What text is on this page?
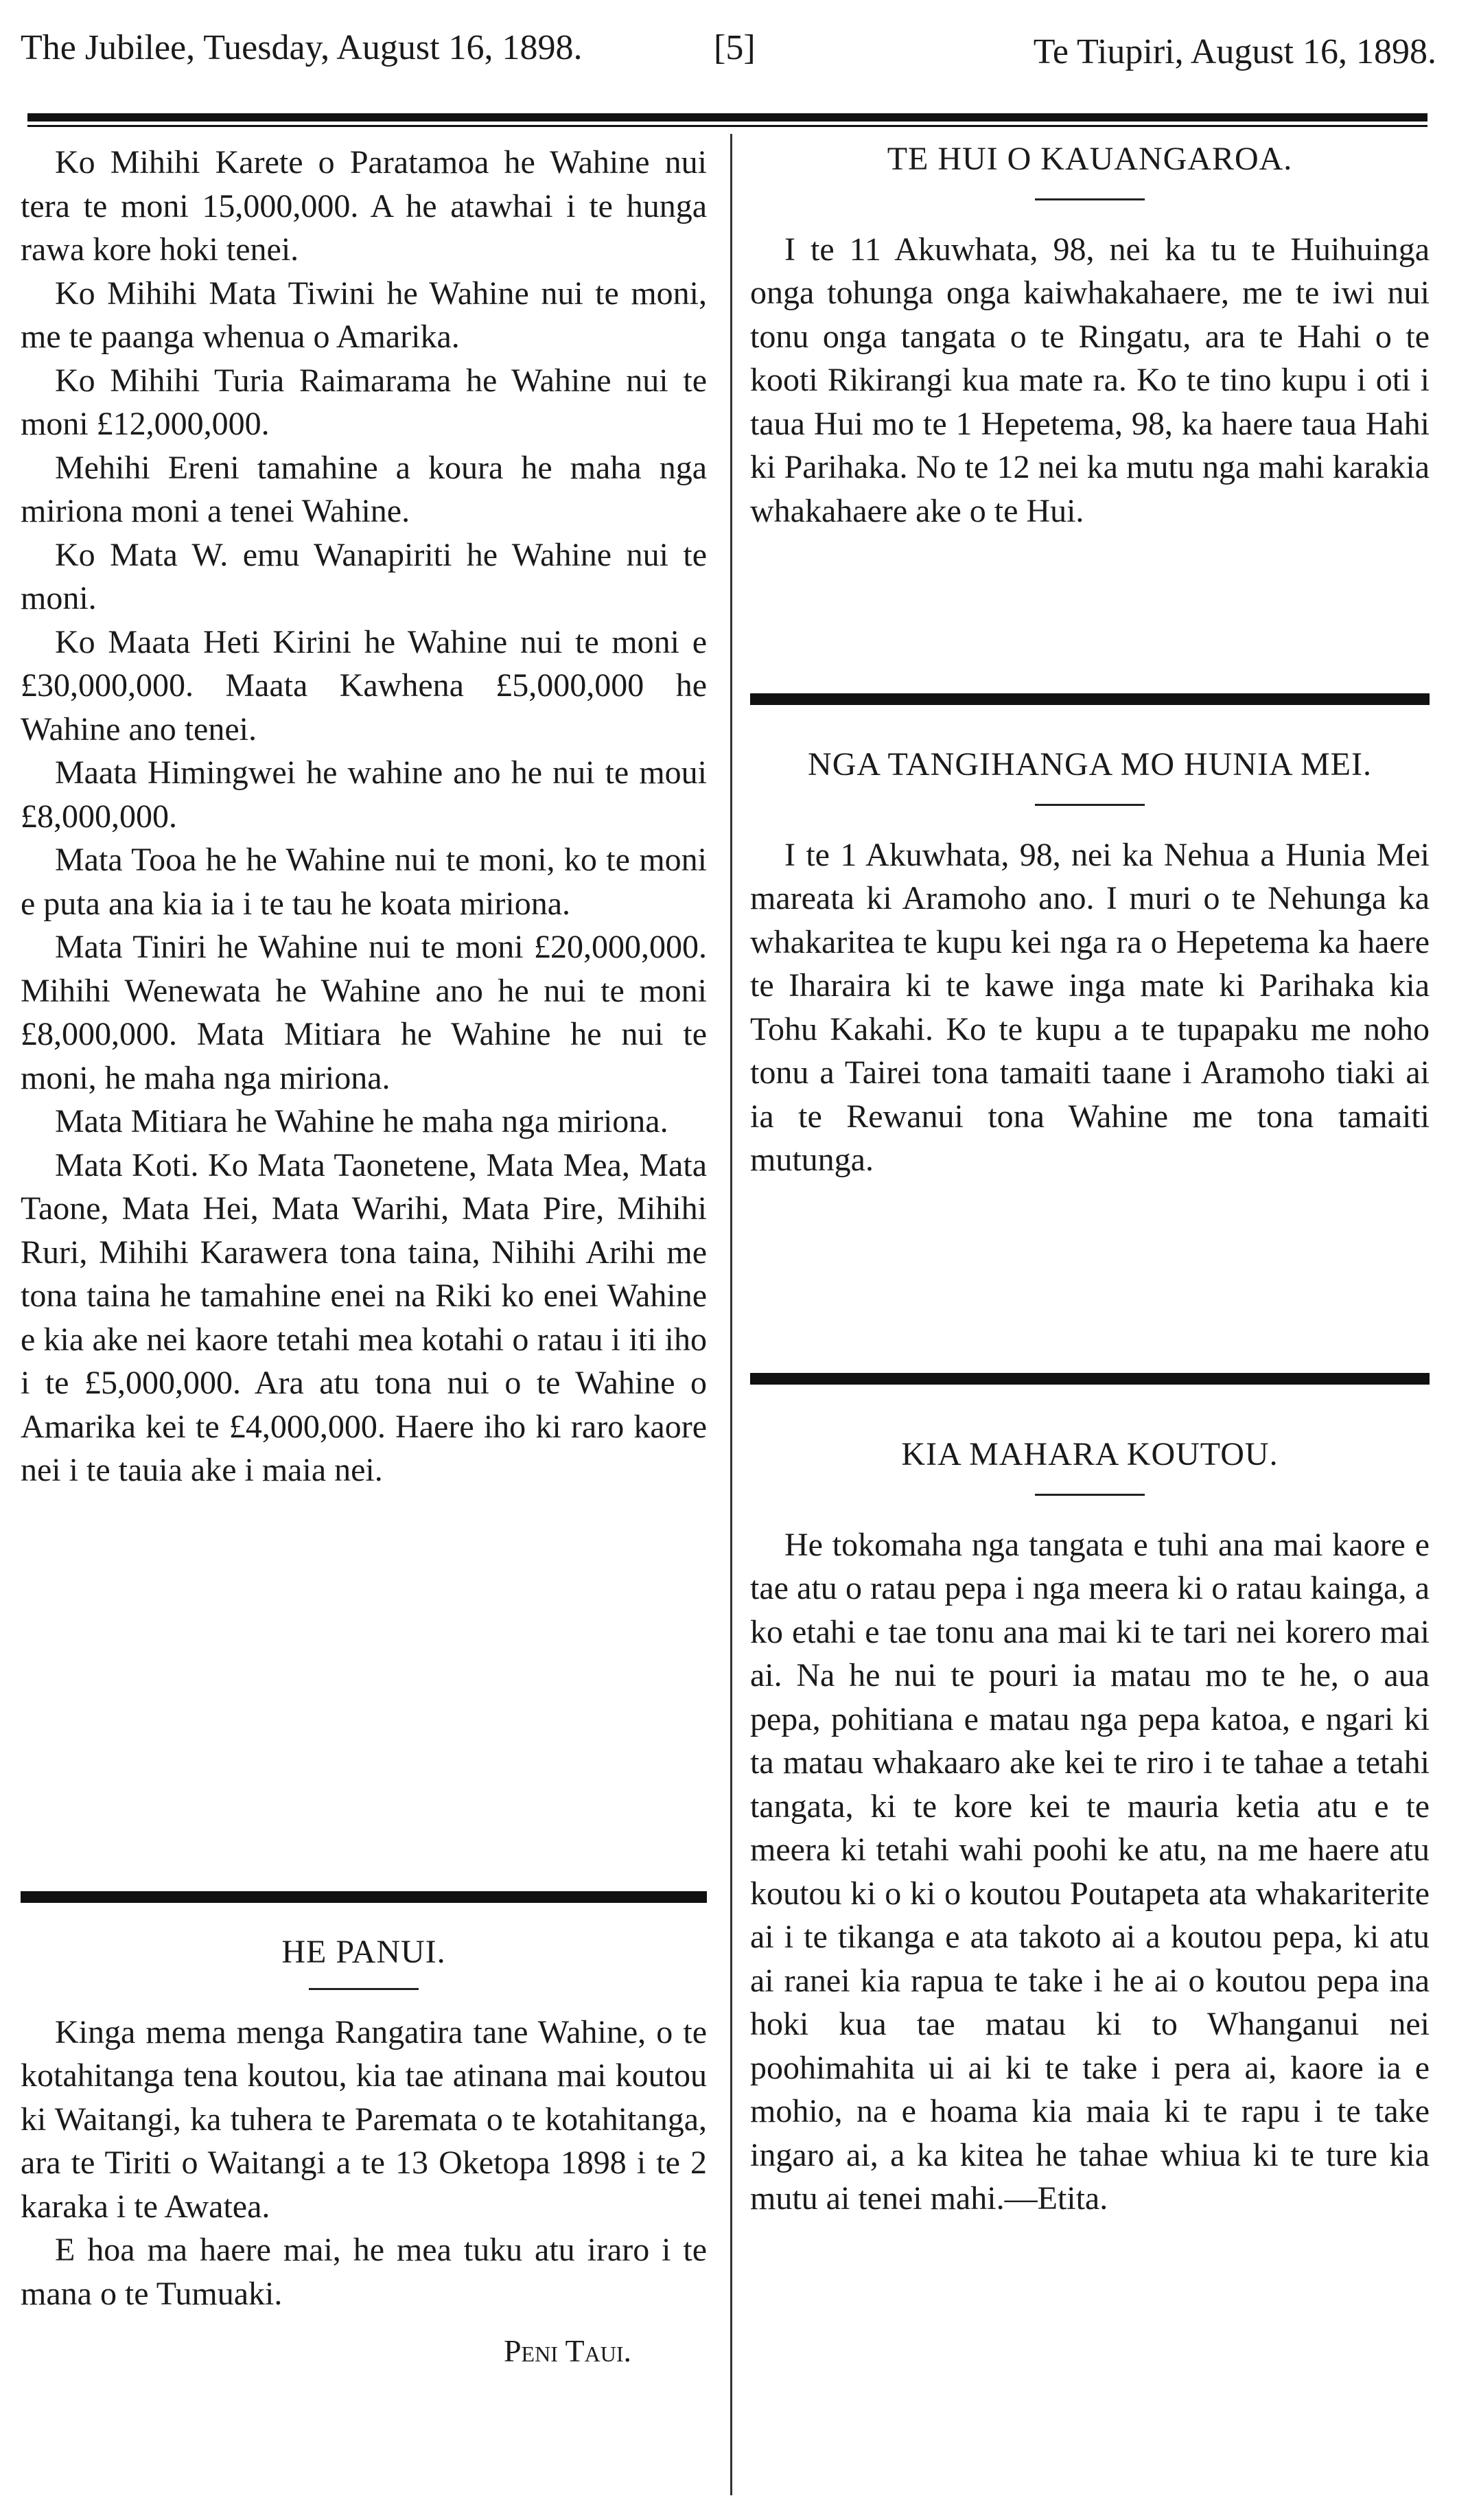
The Jubilee, Tuesday, August 16, 1898.	[5]	Te Tiupiri, August 16, 1898.

Ko Mihihi Karete o Paratamoa he Wahine nui tera te moni 15,000,000. A he atawhai i te hunga rawa kore hoki tenei.

Ko Mihihi Mata Tiwini he Wahine nui te moni, me te paanga whenua o Amarika.

Ko Mihihi Turia Raimarama he Wahine nui te moni £12,000,000.

Mehihi Ereni tamahine a koura he maha nga miriona moni a tenei Wahine.

Ko Mata W. emu Wanapiriti he Wahine nui te moni.

Ko Maata Heti Kirini he Wahine nui te moni e £30,000,000. Maata Kawhena £5,000,000 he Wahine ano tenei.

Maata Himingwei he wahine ano he nui te moui £8,000,000.

Mata Tooa he he Wahine nui te moni, ko te moni e puta ana kia ia i te tau he koata miriona.

Mata Tiniri he Wahine nui te moni £20,000,000. Mihihi Wenewata he Wahine ano he nui te moni £8,000,000. Mata Mitiara he Wahine he nui te moni, he maha nga miriona.

Mata Mitiara he Wahine he maha nga miriona.

Mata Koti. Ko Mata Taonetene, Mata Mea, Mata Taone, Mata Hei, Mata Warihi, Mata Pire, Mihihi Ruri, Mihihi Karawera tona taina, Nihihi Arihi me tona taina he tamahine enei na Riki ko enei Wahine e kia ake nei kaore tetahi mea kotahi o ratau i iti iho i te £5,000,000. Ara atu tona nui o te Wahine o Amarika kei te £4,000,000. Haere iho ki raro kaore nei i te tauia ake i maia nei.

HE PANUI.

Kinga mema menga Rangatira tane Wahine, o te kotahitanga tena koutou, kia tae atinana mai koutou ki Waitangi, ka tuhera te Paremata o te kotahitanga, ara te Tiriti o Waitangi a te 13 Oketopa 1898 i te 2 karaka i te Awatea.

E hoa ma haere mai, he mea tuku atu iraro i te mana o te Tumuaki.

Peni Taui.
TE HUI O KAUANGAROA.

I te 11 Akuwhata, 98, nei ka tu te Huihuinga onga tohunga onga kaiwhakahaere, me te iwi nui tonu onga tangata o te Ringatu, ara te Hahi o te kooti Rikirangi kua mate ra. Ko te tino kupu i oti i taua Hui mo te 1 Hepetema, 98, ka haere taua Hahi ki Parihaka. No te 12 nei ka mutu nga mahi karakia whakahaere ake o te Hui.

NGA TANGIHANGA MO HUNIA MEI.

I te 1 Akuwhata, 98, nei ka Nehua a Hunia Mei mareata ki Aramoho ano. I muri o te Nehunga ka whakaritea te kupu kei nga ra o Hepetema ka haere te Iharaira ki te kawe inga mate ki Parihaka kia Tohu Kakahi. Ko te kupu a te tupapaku me noho tonu a Tairei tona tamaiti taane i Aramoho tiaki ai ia te Rewanui tona Wahine me tona tamaiti mutunga.

KIA MAHARA KOUTOU.

He tokomaha nga tangata e tuhi ana mai kaore e tae atu o ratau pepa i nga meera ki o ratau kainga, a ko etahi e tae tonu ana mai ki te tari nei korero mai ai. Na he nui te pouri ia matau mo te he, o aua pepa, pohitiana e matau nga pepa katoa, e ngari ki ta matau whakaaro ake kei te riro i te tahae a tetahi tangata, ki te kore kei te mauria ketia atu e te meera ki tetahi wahi poohi ke atu, na me haere atu koutou ki o ki o koutou Poutapeta ata whakariterite ai i te tikanga e ata takoto ai a koutou pepa, ki atu ai ranei kia rapua te take i he ai o koutou pepa ina hoki kua tae matau ki to Whanganui nei poohimahita ui ai ki te take i pera ai, kaore ia e mohio, na e hoama kia maia ki te rapu i te take ingaro ai, a ka kitea he tahae whiua ki te ture kia mutu ai tenei mahi.—Etita.
